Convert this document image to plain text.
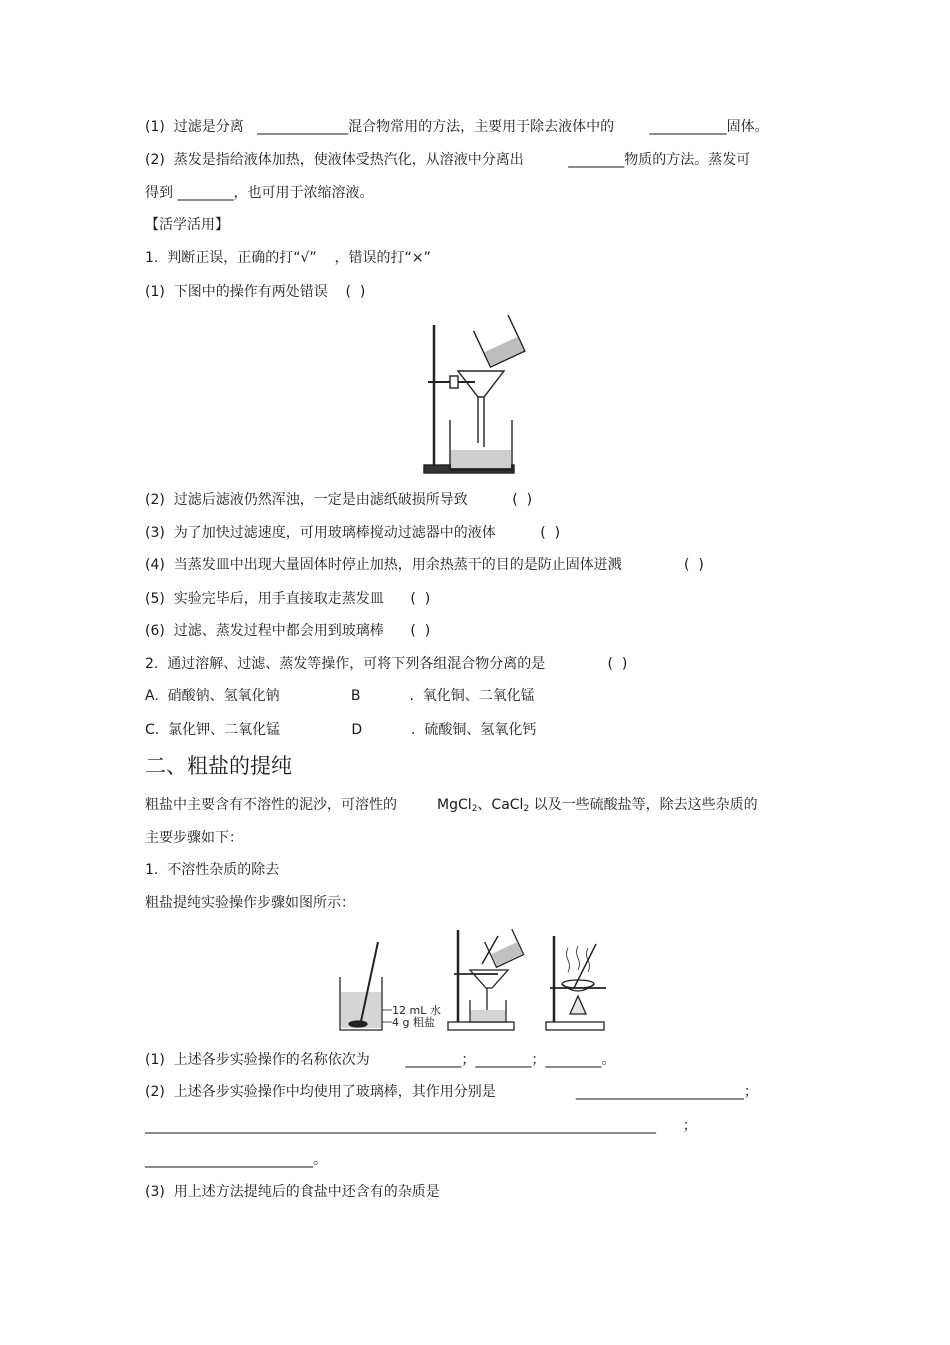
(1)  过滤是分离   _____________混合物常用的方法，主要用于除去液体中的        ___________固体。
(2)  蒸发是指给液体加热，使液体受热汽化，从溶液中分离出          ________物质的方法。蒸发可
得到 ________，也可用于浓缩溶液。
【活学活用】
1.  判断正误，正确的打“√”    ，错误的打“×”
(1)  下图中的操作有两处错误    (  )
(2)  过滤后滤液仍然浑浊，一定是由滤纸破损所导致          (  )
(3)  为了加快过滤速度，可用玻璃棒搅动过滤器中的液体          (  )
(4)  当蒸发皿中出现大量固体时停止加热，用余热蒸干的目的是防止固体迸溅              (  )
(5)  实验完毕后，用手直接取走蒸发皿      (  )
(6)  过滤、蒸发过程中都会用到玻璃棒      (  )
2.  通过溶解、过滤、蒸发等操作，可将下列各组混合物分离的是              (  )
A.  硝酸钠、氢氧化钠                B           .  氧化铜、二氧化锰
C.  氯化钾、二氧化锰                D           .  硫酸铜、氢氧化钙
二、粗盐的提纯
粗盐中主要含有不溶性的泥沙，可溶性的         MgCl$_2$、CaCl$_2$ 以及一些硫酸盐等，除去这些杂质的
主要步骤如下：
1.  不溶性杂质的除去
粗盐提纯实验操作步骤如图所示：
12 mL 水
4 g 粗盐
(1)  上述各步实验操作的名称依次为        ________；________；________。
(2)  上述各步实验操作中均使用了玻璃棒，其作用分别是                  ________________________；
_________________________________________________________________________      ；
________________________。
(3)  用上述方法提纯后的食盐中还含有的杂质是
